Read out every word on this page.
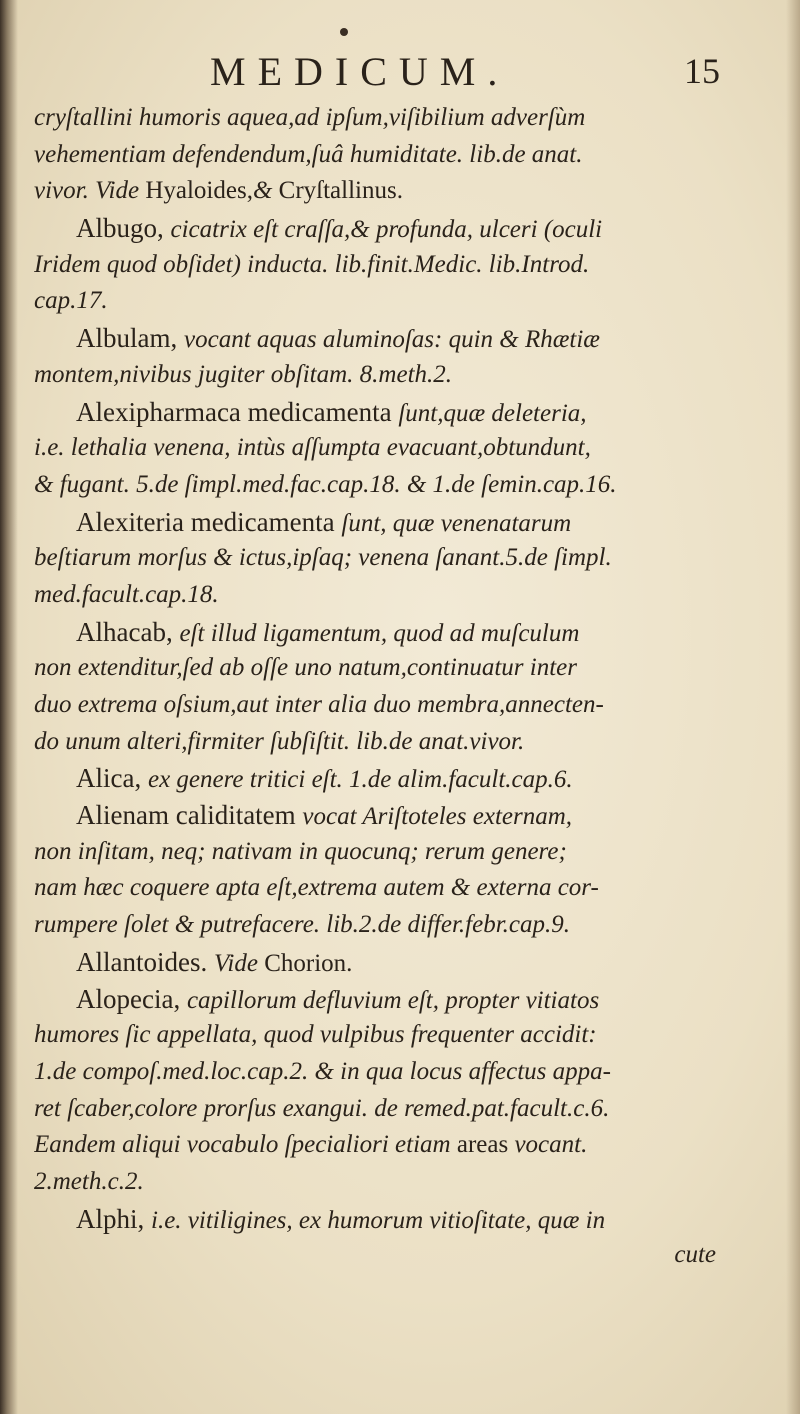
MEDICUM.	15
cryſtallini humoris aquea,ad ipſum,viſibilium adverſùm
vehementiam defendendum,ſuâ humiditate. lib.de anat.
vivor. Vide Hyaloides,& Cryſtallinus.
Albugo, cicatrix eſt craſſa,& profunda, ulceri (oculi
Iridem quod obſidet) inducta. lib.finit.Medic. lib.Introd.
cap.17.
Albulam, vocant aquas aluminoſas: quin & Rhætiæ
montem,nivibus jugiter obſitam. 8.meth.2.
Alexipharmaca medicamenta ſunt,quæ deleteria,
i.e. lethalia venena, intùs aſſumpta evacuant,obtundunt,
& fugant. 5.de ſimpl.med.fac.cap.18. & 1.de ſemin.cap.16.
Alexiteria medicamenta ſunt, quæ venenatarum
beſtiarum morſus & ictus,ipſaq; venena ſanant.5.de ſimpl.
med.facult.cap.18.
Alhacab, eſt illud ligamentum, quod ad muſculum
non extenditur,ſed ab oſſe uno natum,continuatur inter
duo extrema oſsium,aut inter alia duo membra,annecten-
do unum alteri,firmiter ſubſiſtit. lib.de anat.vivor.
Alica, ex genere tritici eſt. 1.de alim.facult.cap.6.
Alienam caliditatem vocat Ariſtoteles externam,
non inſitam, neq; nativam in quocunq; rerum genere;
nam hæc coquere apta eſt,extrema autem & externa cor-
rumpere ſolet & putrefacere. lib.2.de differ.febr.cap.9.
Allantoides. Vide Chorion.
Alopecia, capillorum defluvium eſt, propter vitiatos
humores ſic appellata, quod vulpibus frequenter accidit:
1.de compoſ.med.loc.cap.2. & in qua locus affectus appa-
ret ſcaber,colore prorſus exangui. de remed.pat.facult.c.6.
Eandem aliqui vocabulo ſpecialiori etiam areas vocant.
2.meth.c.2.
Alphi, i.e. vitiligines, ex humorum vitioſitate, quæ in
cute
